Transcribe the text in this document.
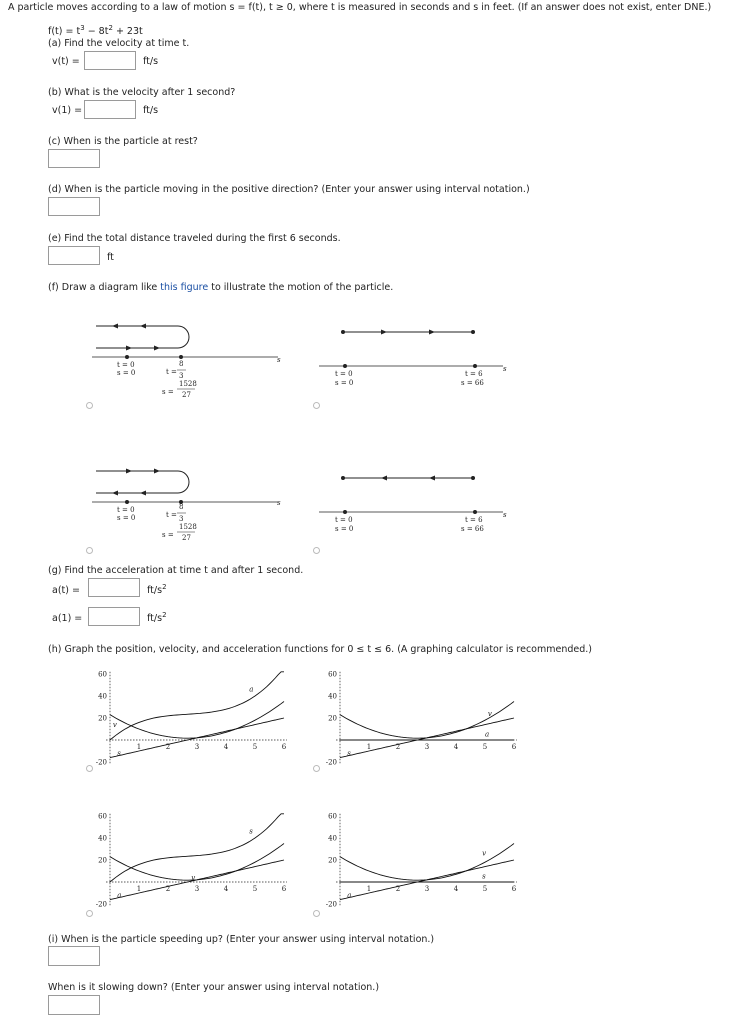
A particle moves according to a law of motion s = f(t), t ≥ 0, where t is measured in seconds and s in feet. (If an answer does not exist, enter DNE.)
$f(t) = t^3 - 8t^2 + 23t$
(a) Find the velocity at time t.
v(t) =	ft/s
(b) What is the velocity after 1 second?
v(1) =	ft/s
(c) When is the particle at rest?
(d) When is the particle moving in the positive direction? (Enter your answer using interval notation.)
(e) Find the total distance traveled during the first 6 seconds.
ft
(f) Draw a diagram like this figure to illustrate the motion of the particle.
t = 0
s = 0	t =
8
3
s =
1528
27
s
t = 0
s = 0
t = 6
s = 66
s
t = 0
s = 0	t =
8
3
s =
1528
27
s
t = 0
s = 0
t = 6
s = 66
s
(g) Find the acceleration at time t and after 1 second.
a(t) =	$ft/s^2$
a(1) =	$ft/s^2$
(h) Graph the position, velocity, and acceleration functions for 0 ≤ t ≤ 6. (A graphing calculator is recommended.)
60
40
20
-20
1	2	3	4	5	6
s
v
a
60
40
20
-20
1	2	3	4	5	6
s
v
a
60
40
20
-20
1	2	3	4	5	6
a
v
s
60
40
20
-20
1	2	3	4	5	6
a
v
s
(i) When is the particle speeding up? (Enter your answer using interval notation.)
When is it slowing down? (Enter your answer using interval notation.)
